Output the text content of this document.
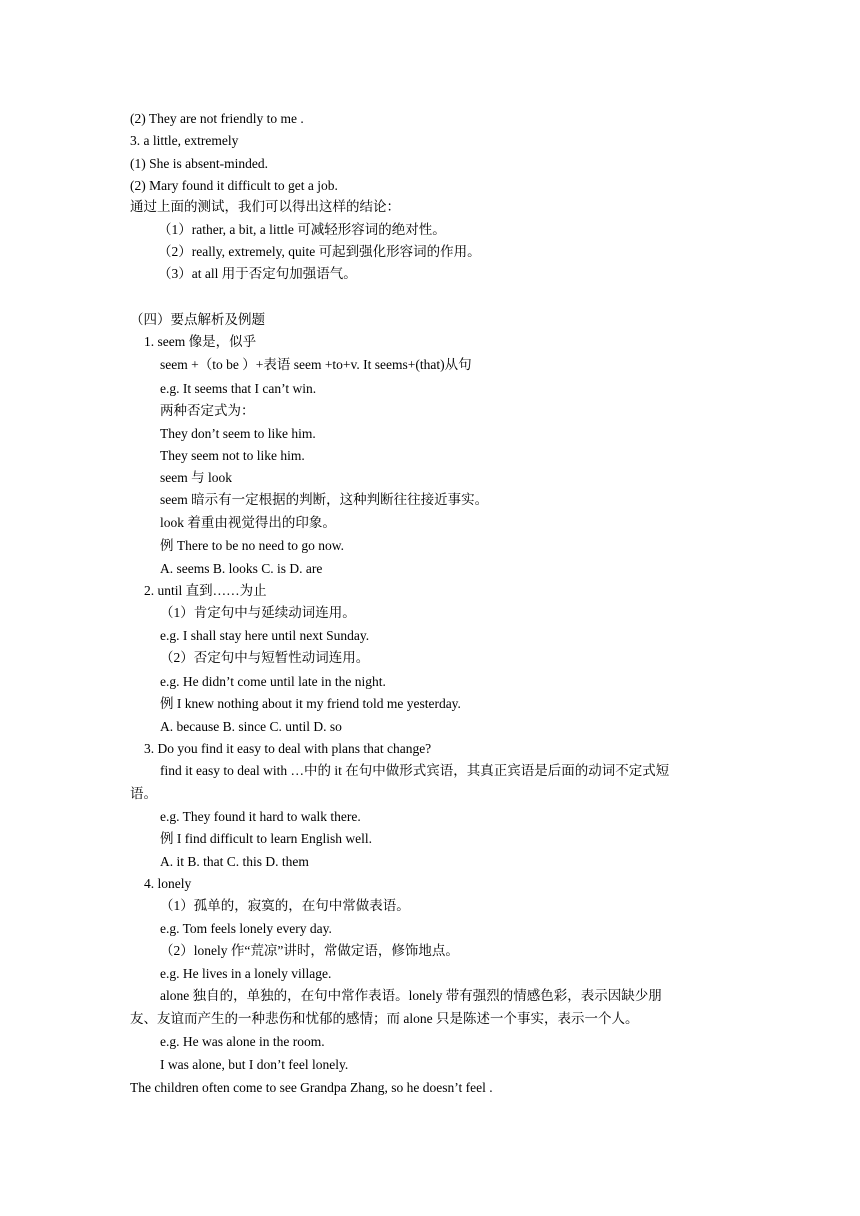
(2) They are not friendly to me .
3. a little, extremely
(1) She is absent-minded.
(2) Mary found it difficult to get a job.
通过上面的测试，我们可以得出这样的结论：
（1）rather, a bit, a little 可减轻形容词的绝对性。
（2）really, extremely, quite 可起到强化形容词的作用。
（3）at all 用于否定句加强语气。
（四）要点解析及例题
1. seem 像是，似乎
seem +（to be ）+表语 seem +to+v. It seems+(that)从句
e.g. It seems that I can’t win.
两种否定式为：
They don’t seem to like him.
They seem not to like him.
seem 与 look
seem 暗示有一定根据的判断，这种判断往往接近事实。
look 着重由视觉得出的印象。
例 There to be no need to go now.
A. seems B. looks C. is D. are
2. until 直到……为止
（1）肯定句中与延续动词连用。
e.g. I shall stay here until next Sunday.
（2）否定句中与短暂性动词连用。
e.g. He didn’t come until late in the night.
例 I knew nothing about it my friend told me yesterday.
A. because B. since C. until D. so
3. Do you find it easy to deal with plans that change?
find it easy to deal with …中的 it 在句中做形式宾语，其真正宾语是后面的动词不定式短
语。
e.g. They found it hard to walk there.
例 I find difficult to learn English well.
A. it B. that C. this D. them
4. lonely
（1）孤单的，寂寞的，在句中常做表语。
e.g. Tom feels lonely every day.
（2）lonely 作“荒凉”讲时，常做定语，修饰地点。
e.g. He lives in a lonely village.
alone 独自的，单独的，在句中常作表语。lonely 带有强烈的情感色彩，表示因缺少朋
友、友谊而产生的一种悲伤和忧郁的感情；而 alone 只是陈述一个事实，表示一个人。
e.g. He was alone in the room.
I was alone, but I don’t feel lonely.
The children often come to see Grandpa Zhang, so he doesn’t feel .
